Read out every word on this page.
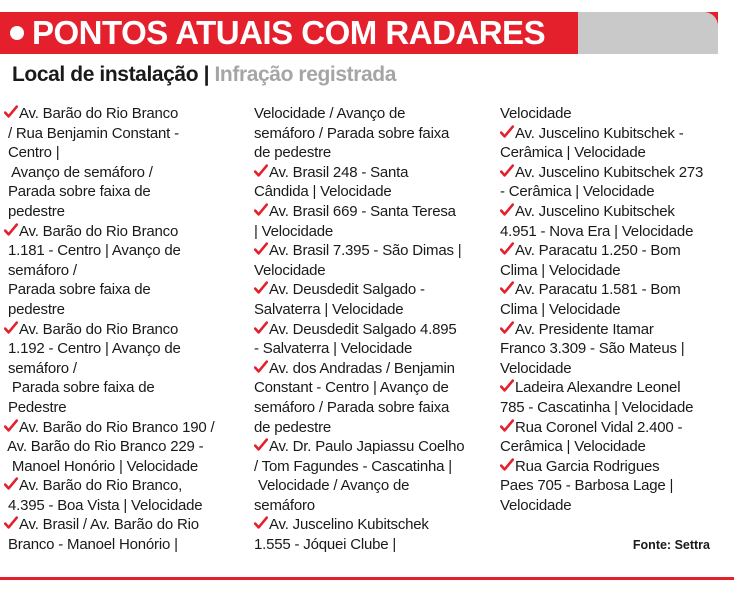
PONTOS ATUAIS COM RADARES
Local de instalação | Infração registrada
Av. Barão do Rio Branco
/ Rua Benjamin Constant -
Centro |
Avanço de semáforo /
Parada sobre faixa de
pedestre
Av. Barão do Rio Branco
1.181 - Centro | Avanço de
semáforo /
Parada sobre faixa de
pedestre
Av. Barão do Rio Branco
1.192 - Centro | Avanço de
semáforo /
Parada sobre faixa de
Pedestre
Av. Barão do Rio Branco 190 /
Av. Barão do Rio Branco 229 -
Manoel Honório | Velocidade
Av. Barão do Rio Branco,
4.395 - Boa Vista | Velocidade
Av. Brasil / Av. Barão do Rio
Branco - Manoel Honório |
Velocidade / Avanço de
semáforo / Parada sobre faixa
de pedestre
Av. Brasil 248 - Santa
Cândida | Velocidade
Av. Brasil 669 - Santa Teresa
| Velocidade
Av. Brasil 7.395 - São Dimas |
Velocidade
Av. Deusdedit Salgado -
Salvaterra | Velocidade
Av. Deusdedit Salgado 4.895
- Salvaterra | Velocidade
Av. dos Andradas / Benjamin
Constant - Centro | Avanço de
semáforo / Parada sobre faixa
de pedestre
Av. Dr. Paulo Japiassu Coelho
/ Tom Fagundes - Cascatinha |
Velocidade / Avanço de
semáforo
Av. Juscelino Kubitschek
1.555 - Jóquei Clube |
Velocidade
Av. Juscelino Kubitschek -
Cerâmica | Velocidade
Av. Juscelino Kubitschek 273
- Cerâmica | Velocidade
Av. Juscelino Kubitschek
4.951 - Nova Era | Velocidade
Av. Paracatu 1.250 - Bom
Clima | Velocidade
Av. Paracatu 1.581 - Bom
Clima | Velocidade
Av. Presidente Itamar
Franco 3.309 - São Mateus |
Velocidade
Ladeira Alexandre Leonel
785 - Cascatinha | Velocidade
Rua Coronel Vidal 2.400 -
Cerâmica | Velocidade
Rua Garcia Rodrigues
Paes 705 - Barbosa Lage |
Velocidade
Fonte: Settra
